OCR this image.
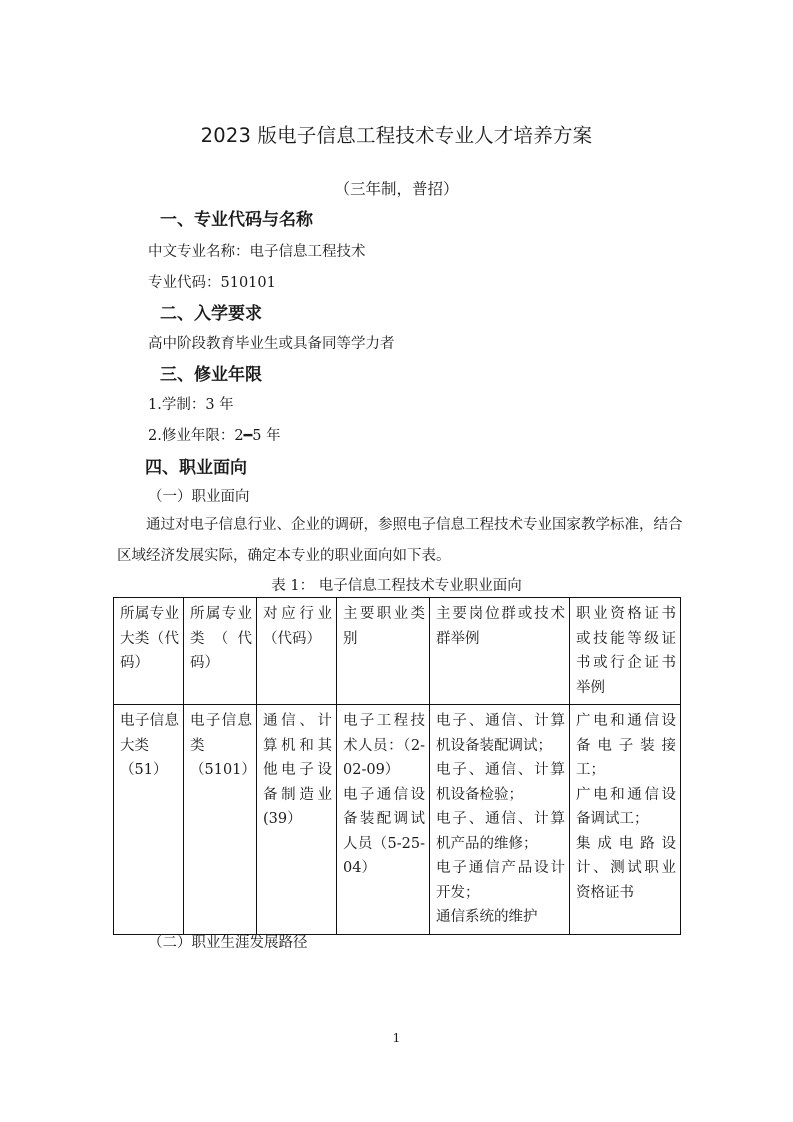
2023 版电子信息工程技术专业人才培养方案
（三年制，普招）
一、专业代码与名称
中文专业名称：电子信息工程技术
专业代码：510101
二、入学要求
高中阶段教育毕业生或具备同等学力者
三、修业年限
1.学制：3 年
2.修业年限：2━5 年
四、职业面向
（一）职业面向
通过对电子信息行业、企业的调研，参照电子信息工程技术专业国家教学标准，结合区域经济发展实际，确定本专业的职业面向如下表。
表 1： 电子信息工程技术专业职业面向
所属专业大类（代码）	所属专业类（代码）	对应行业（代码）	主要职业类别	主要岗位群或技术群举例	职业资格证书或技能等级证书或行企证书举例

电子信息大类
（51）	电子信息类
（5101）	通信、计算机和其他电子设备制造业(39）	电子工程技术人员：（2-02-09）
电子通信设备装配调试人员（5-25-04）	电子、通信、计算机设备装配调试；
电子、通信、计算机设备检验；
电子、通信、计算机产品的维修；
电子通信产品设计开发；
通信系统的维护	广电和通信设备电子装接工；
广电和通信设备调试工；
集成电路设计、测试职业资格证书
（二）职业生涯发展路径
1
